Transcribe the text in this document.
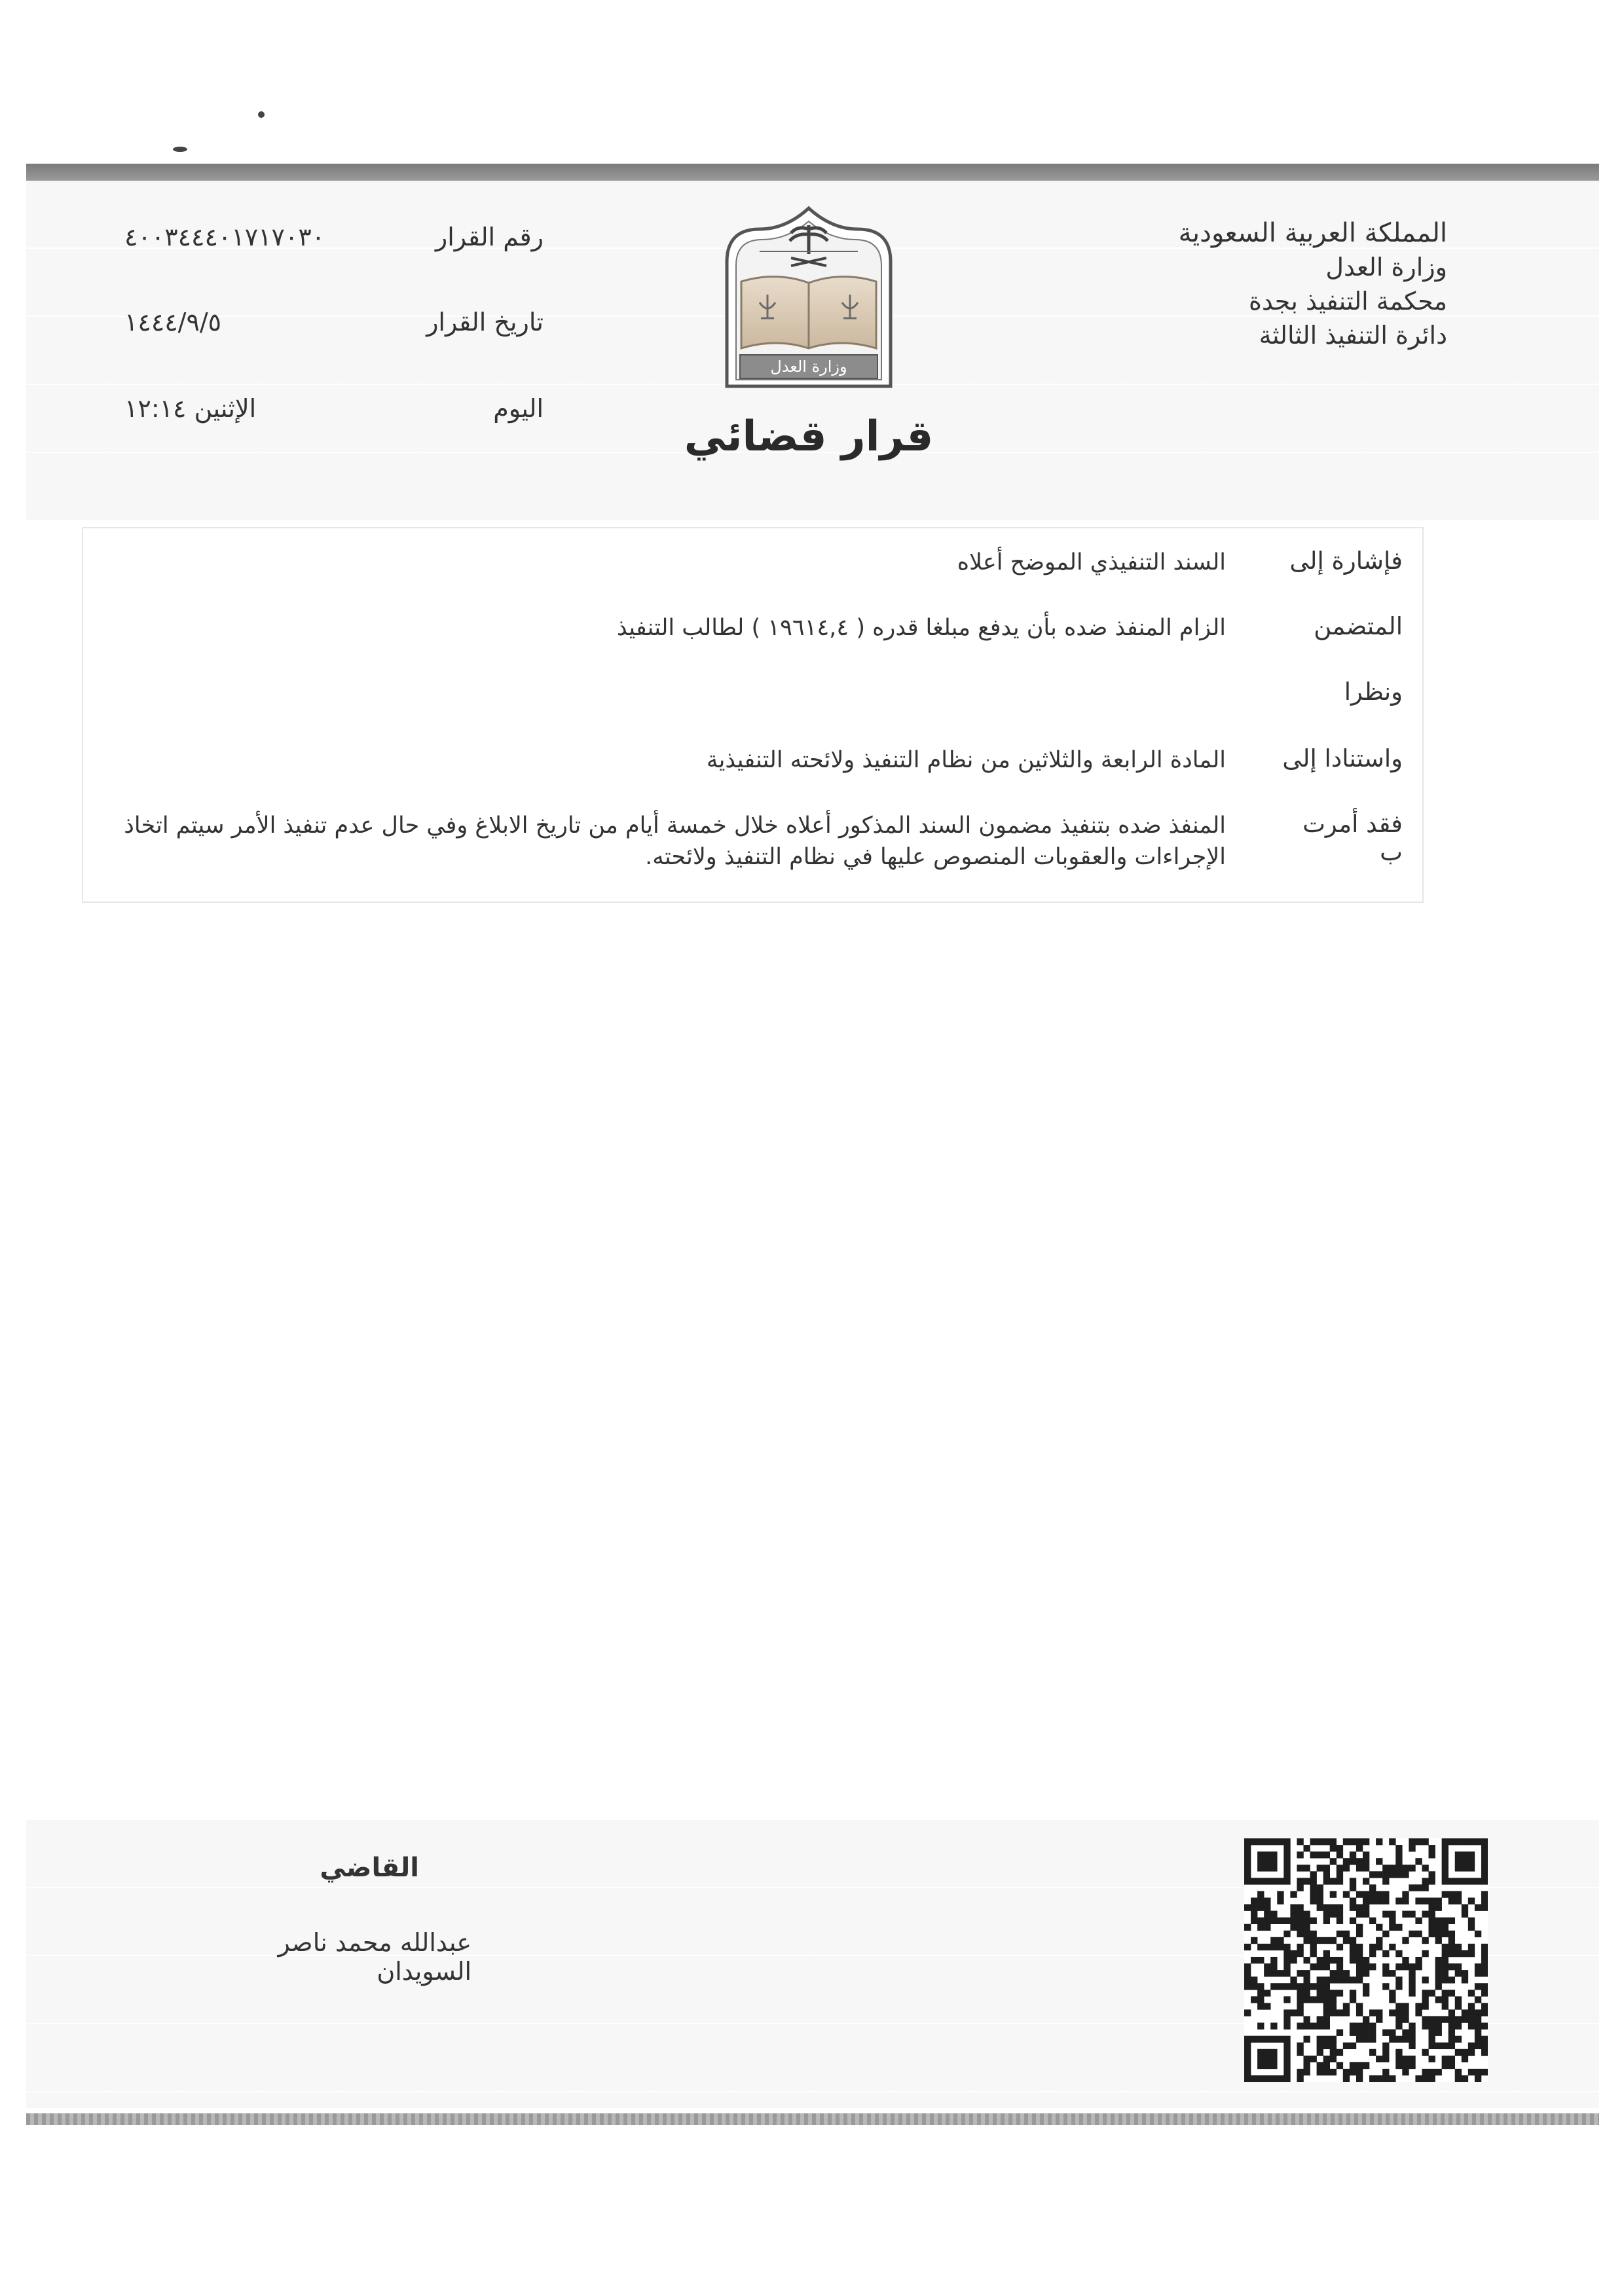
المملكة العربية السعودية
وزارة العدل
محكمة التنفيذ بجدة
دائرة التنفيذ الثالثة
وزارة العدل
قرار قضائي
رقم القرار
٤٠٠٣٤٤٤٠١٧١٧٠٣٠
تاريخ القرار
١٤٤٤/٩/٥
اليوم
الإثنين ١٢:١٤
فإشارة إلى
السند التنفيذي الموضح أعلاه
المتضمن
الزام المنفذ ضده بأن يدفع مبلغا قدره ( ١٩٦١٤,٤ ) لطالب التنفيذ
ونظرا
واستنادا إلى
المادة الرابعة والثلاثين من نظام التنفيذ ولائحته التنفيذية
فقد أمرت ب
المنفذ ضده بتنفيذ مضمون السند المذكور أعلاه خلال خمسة أيام من تاريخ الابلاغ وفي حال عدم تنفيذ الأمر سيتم اتخاذ الإجراءات والعقوبات المنصوص عليها في نظام التنفيذ ولائحته.
القاضي
عبدالله محمد ناصر السويدان
